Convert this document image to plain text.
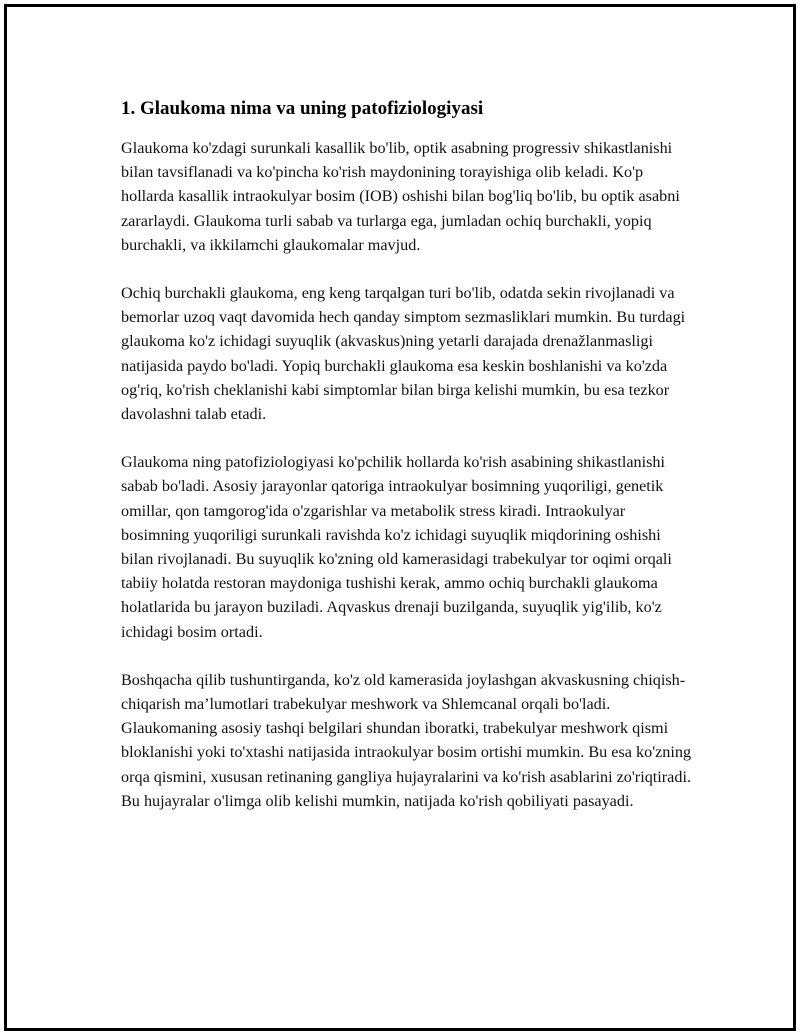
1. Glaukoma nima va uning patofiziologiyasi

Glaukoma ko'zdagi surunkali kasallik bo'lib, optik asabning progressiv shikastlanishi bilan tavsiflanadi va ko'pincha ko'rish maydonining torayishiga olib keladi. Ko'p hollarda kasallik intraokulyar bosim (IOB) oshishi bilan bog'liq bo'lib, bu optik asabni zararlaydi. Glaukoma turli sabab va turlarga ega, jumladan ochiq burchakli, yopiq burchakli, va ikkilamchi glaukomalar mavjud.

Ochiq burchakli glaukoma, eng keng tarqalgan turi bo'lib, odatda sekin rivojlanadi va bemorlar uzoq vaqt davomida hech qanday simptom sezmasliklari mumkin. Bu turdagi glaukoma ko'z ichidagi suyuqlik (akvaskus)ning yetarli darajada drenažlanmasligi natijasida paydo bo'ladi. Yopiq burchakli glaukoma esa keskin boshlanishi va ko'zda og'riq, ko'rish cheklanishi kabi simptomlar bilan birga kelishi mumkin, bu esa tezkor davolashni talab etadi.

Glaukoma ning patofiziologiyasi ko'pchilik hollarda ko'rish asabining shikastlanishi sabab bo'ladi. Asosiy jarayonlar qatoriga intraokulyar bosimning yuqoriligi, genetik omillar, qon tamgorog'ida o'zgarishlar va metabolik stress kiradi. Intraokulyar bosimning yuqoriligi surunkali ravishda ko'z ichidagi suyuqlik miqdorining oshishi bilan rivojlanadi. Bu suyuqlik ko'zning old kamerasidagi trabekulyar tor oqimi orqali tabiiy holatda restoran maydoniga tushishi kerak, ammo ochiq burchakli glaukoma holatlarida bu jarayon buziladi. Aqvaskus drenaji buzilganda, suyuqlik yig'ilib, ko'z ichidagi bosim ortadi.

Boshqacha qilib tushuntirganda, ko'z old kamerasida joylashgan akvaskusning chiqish-chiqarish ma’lumotlari trabekulyar meshwork va Shlemcanal orqali bo'ladi. Glaukomaning asosiy tashqi belgilari shundan iboratki, trabekulyar meshwork qismi bloklanishi yoki to'xtashi natijasida intraokulyar bosim ortishi mumkin. Bu esa ko'zning orqa qismini, xususan retinaning gangliya hujayralarini va ko'rish asablarini zo'riqtiradi. Bu hujayralar o'limga olib kelishi mumkin, natijada ko'rish qobiliyati pasayadi.
